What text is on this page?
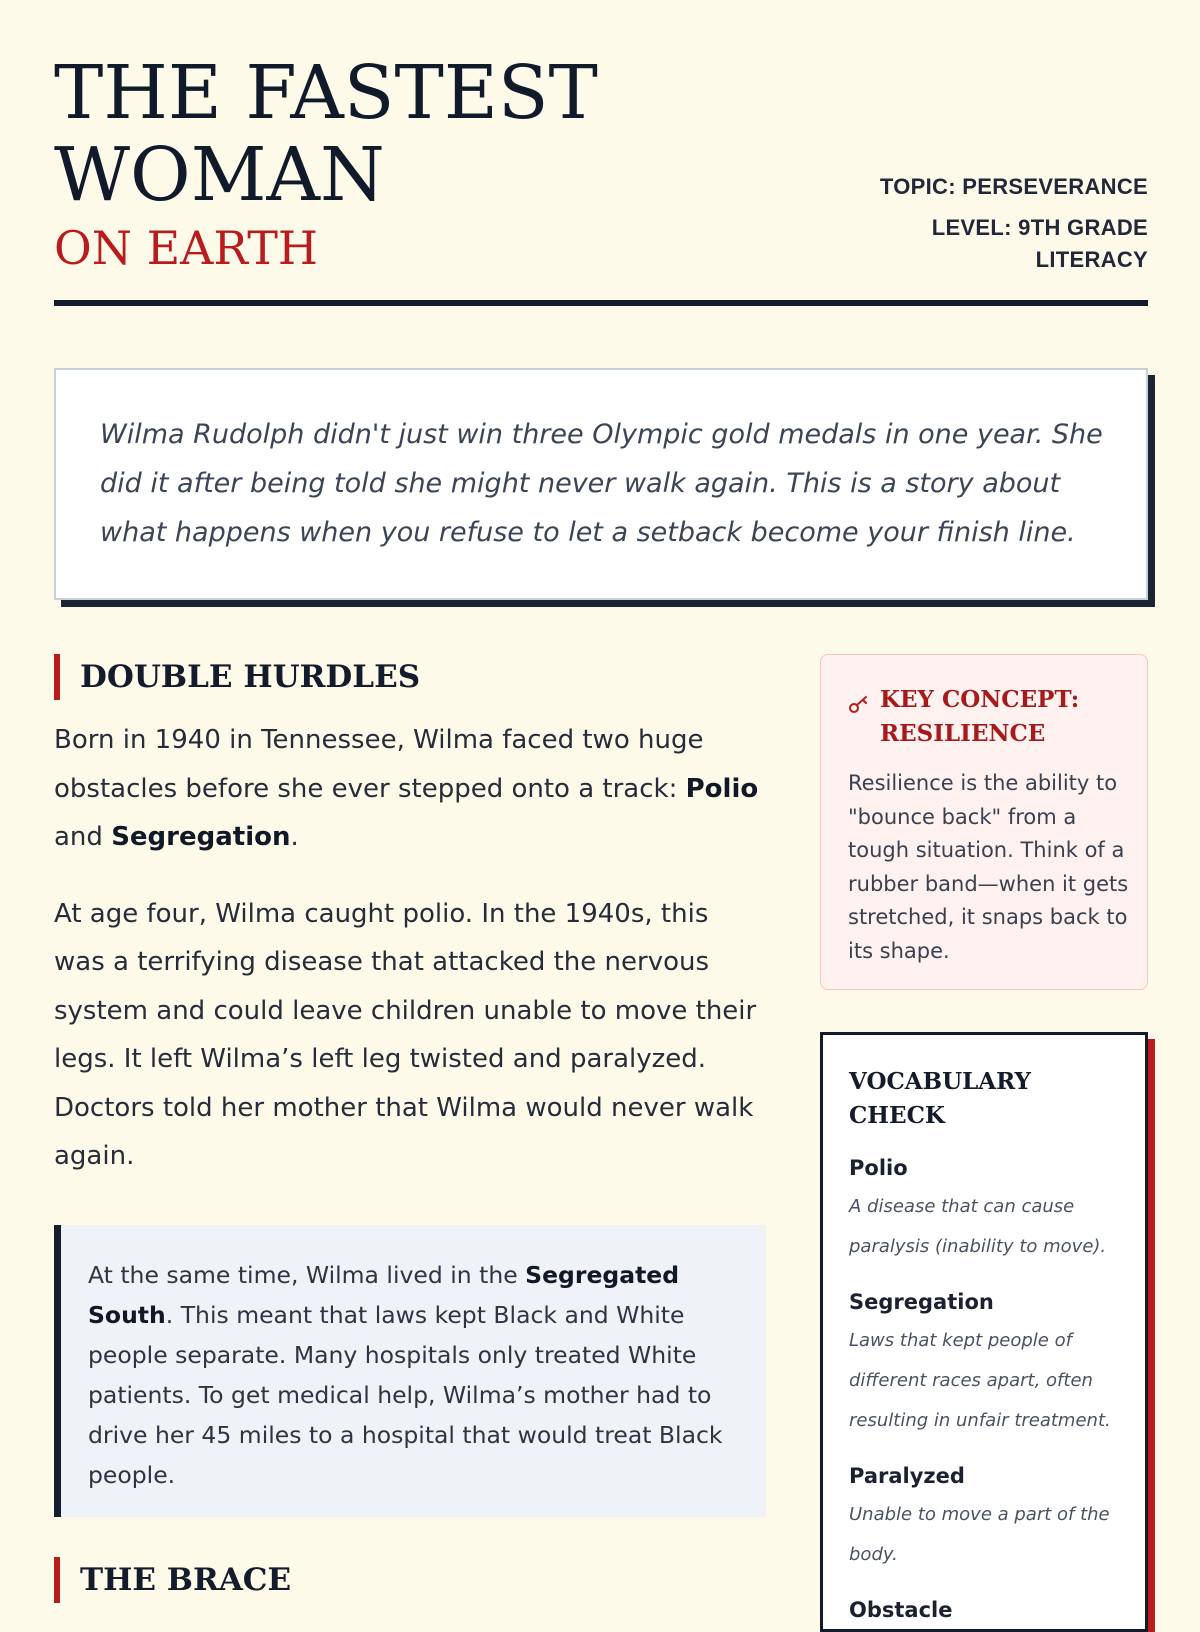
THE FASTEST
WOMAN
ON EARTH
TOPIC: PERSEVERANCE
LEVEL: 9TH GRADE LITERACY

Wilma Rudolph didn't just win three Olympic gold medals in one year. She did it after being told she might never walk again. This is a story about what happens when you refuse to let a setback become your finish line.

DOUBLE HURDLES

Born in 1940 in Tennessee, Wilma faced two huge obstacles before she ever stepped onto a track: Polio and Segregation.

At age four, Wilma caught polio. In the 1940s, this was a terrifying disease that attacked the nervous system and could leave children unable to move their legs. It left Wilma’s left leg twisted and paralyzed. Doctors told her mother that Wilma would never walk again.

At the same time, Wilma lived in the Segregated South. This meant that laws kept Black and White people separate. Many hospitals only treated White patients. To get medical help, Wilma’s mother had to drive her 45 miles to a hospital that would treat Black people.

THE BRACE
KEY CONCEPT: RESILIENCE

Resilience is the ability to "bounce back" from a tough situation. Think of a rubber band—when it gets stretched, it snaps back to its shape.

VOCABULARY CHECK
Polio
A disease that can cause paralysis (inability to move).
Segregation
Laws that kept people of different races apart, often resulting in unfair treatment.
Paralyzed
Unable to move a part of the body.
Obstacle
